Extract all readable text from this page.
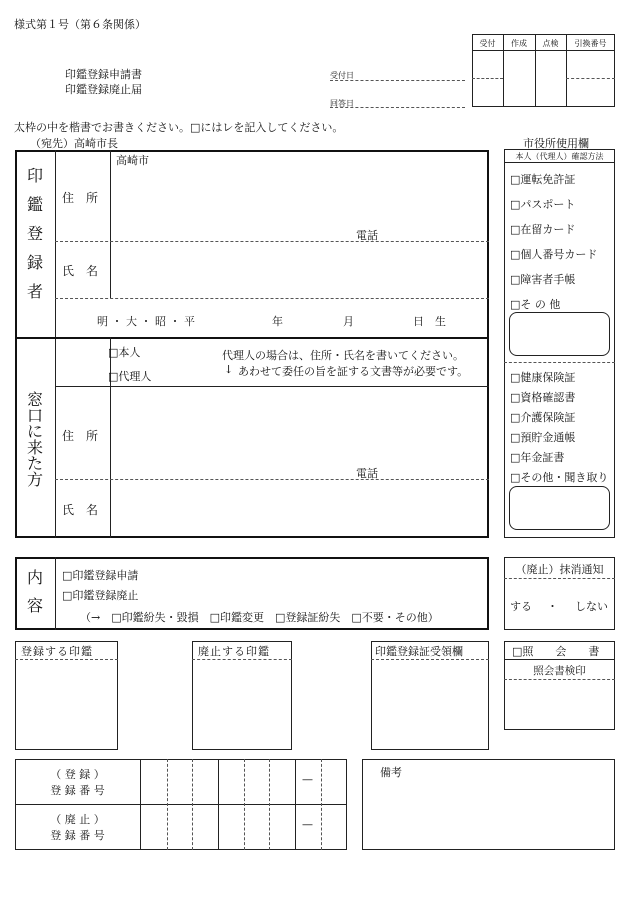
様式第１号（第６条関係）
受付	作成	点検	引換番号
印鑑登録申請書
印鑑登録廃止届
受付日
回答日
太枠の中を楷書でお書きください。□にはレを記入してください。
（宛先）高崎市長	市役所使用欄
印
鑑
登
録
者
住　所
高崎市
電話
氏　名
明 ・ 大 ・ 昭 ・ 平	年	月	日　生
窓
口
に
来
た
方
□本人
□代理人
代理人の場合は、住所・氏名を書いてください。
↓ あわせて委任の旨を証する文書等が必要です。
住　所
電話
氏　名
本人（代理人）確認方法
□運転免許証
□パスポート
□在留カード
□個人番号カード
□障害者手帳
□そ の 他
□健康保険証
□資格確認書
□介護保険証
□預貯金通帳
□年金証書
□その他・聞き取り
内
容
□印鑑登録申請
□印鑑登録廃止
（→　□印鑑紛失・毀損　□印鑑変更　□登録証紛失　□不要・その他）
（廃止）抹消通知
する ・ しない
登録する印鑑	廃止する印鑑	印鑑登録証受領欄	□照　　会　　書
照会書検印
（ 登 録 ）
登 録 番 号
（ 廃 止 ）
登 録 番 号
—
—
備考
